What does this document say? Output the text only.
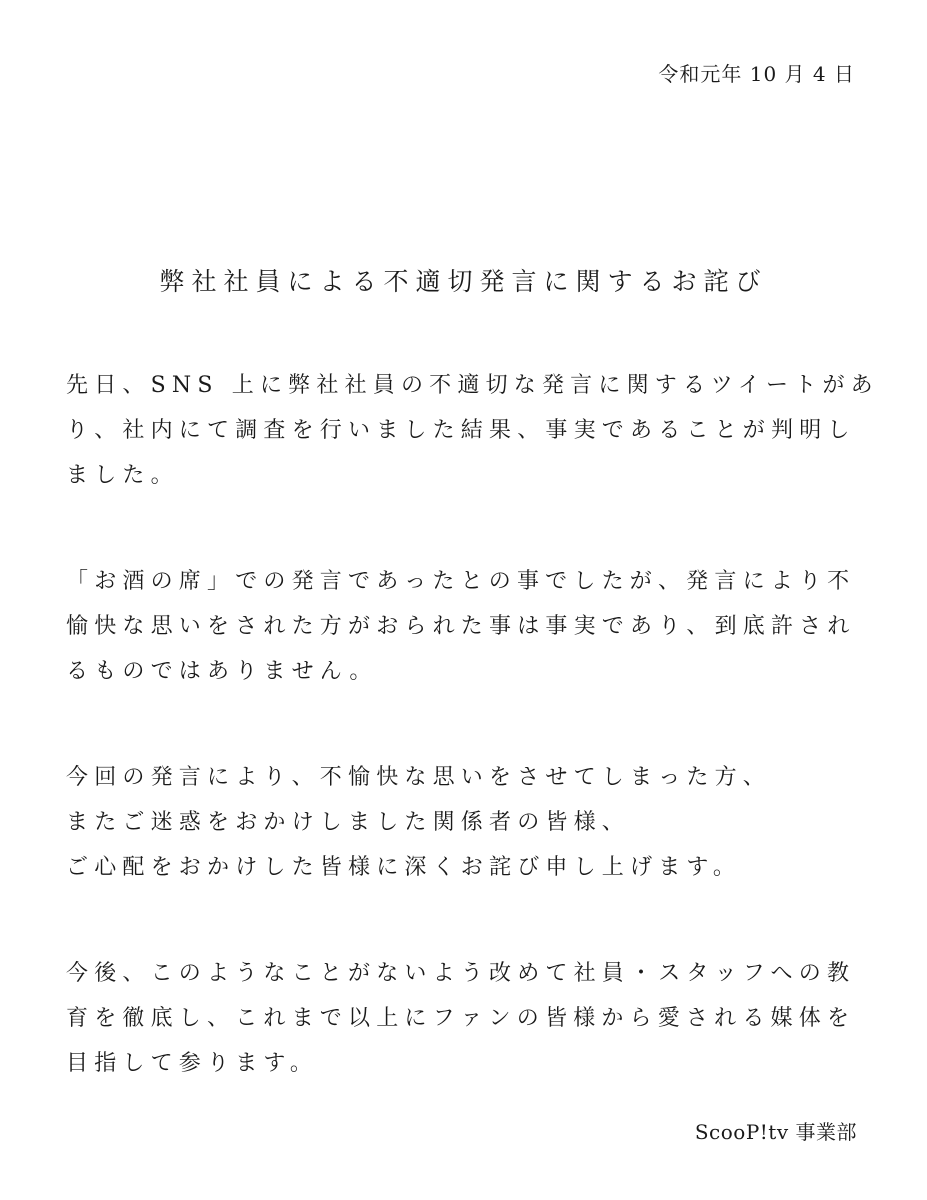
令和元年 10 月 4 日
弊社社員による不適切発言に関するお詫び
先日、SNS 上に弊社社員の不適切な発言に関するツイートがあ
り、社内にて調査を行いました結果、事実であることが判明し
ました。
「お酒の席」での発言であったとの事でしたが、発言により不
愉快な思いをされた方がおられた事は事実であり、到底許され
るものではありません。
今回の発言により、不愉快な思いをさせてしまった方、
またご迷惑をおかけしました関係者の皆様、
ご心配をおかけした皆様に深くお詫び申し上げます。
今後、このようなことがないよう改めて社員・スタッフへの教
育を徹底し、これまで以上にファンの皆様から愛される媒体を
目指して参ります。
ScooP!tv 事業部
